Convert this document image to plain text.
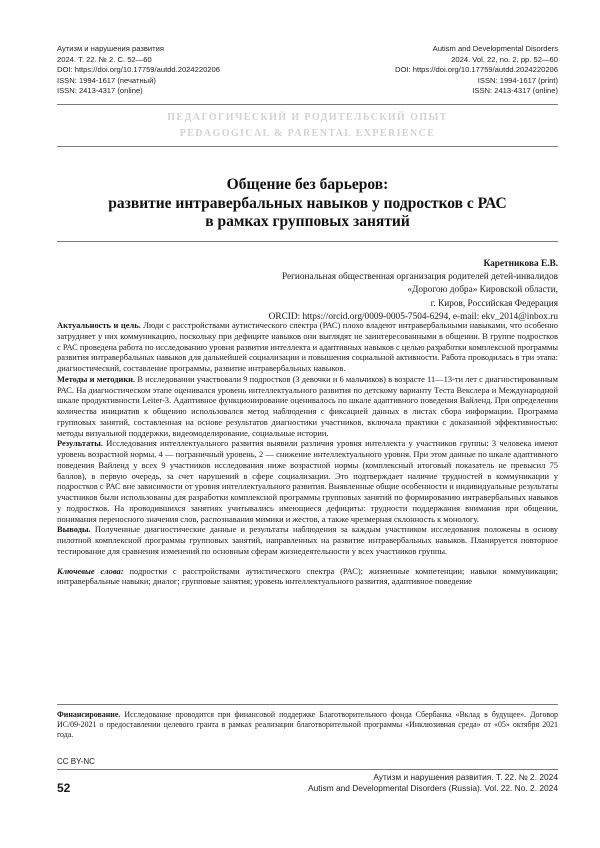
Аутизм и нарушения развития
2024. Т. 22. № 2. С. 52—60
DOI: https://doi.org/10.17759/autdd.2024220206
ISSN: 1994-1617 (печатный)
ISSN: 2413-4317 (online)
Autism and Developmental Disorders
2024. Vol. 22, no. 2, pp. 52—60
DOI: https://doi.org/10.17759/autdd.2024220206
ISSN: 1994-1617 (print)
ISSN: 2413-4317 (online)
ПЕДАГОГИЧЕСКИЙ И РОДИТЕЛЬСКИЙ ОПЫТ
PEDAGOGICAL & PARENTAL EXPERIENCE
Общение без барьеров:
развитие интравербальных навыков у подростков с РАС
в рамках групповых занятий
Каретникова Е.В.
Региональная общественная организация родителей детей-инвалидов
«Дорогою добра» Кировской области,
г. Киров, Российская Федерация
ORCID: https://orcid.org/0009-0005-7504-6294, e-mail: ekv_2014@inbox.ru

Актуальность и цель. Люди с расстройствами аутистического спектра (РАС) плохо владеют интравербальными навыками, что особенно затрудняет у них коммуникацию, поскольку при дефиците навыков они выглядят не заинтересованными в общении. В группе подростков с РАС проведена работа по исследованию уровня развития интеллекта и адаптивных навыков с целью разработки комплексной программы развития интравербальных навыков для дальнейшей социализации и повышения социальной активности. Работа проводилась в три этапа: диагностический, составление программы, развитие интравербальных навыков.

Методы и методики. В исследовании участвовали 9 подростков (3 девочки и 6 мальчиков) в возрасте 11—13-ти лет с диагностированным РАС. На диагностическом этапе оценивался уровень интеллектуального развития по детскому варианту Теста Векслера и Международной шкале продуктивности Leiter-3. Адаптивное функционирование оценивалось по шкале адаптивного поведения Вайленд. При определении количества инициатив к общению использовался метод наблюдения с фиксацией данных в листах сбора информации. Программа групповых занятий, составленная на основе результатов диагностики участников, включала практики с доказанной эффективностью: методы визуальной поддержки, видеомоделирование, социальные истории.

Результаты. Исследования интеллектуального развития выявили различия уровня интеллекта у участников группы: 3 человека имеют уровень возрастной нормы, 4 — пограничный уровень, 2 — снижение интеллектуального уровня. При этом данные по шкале адаптивного поведения Вайленд у всех 9 участников исследования ниже возрастной нормы (комплексный итоговый показатель не превысил 75 баллов), в первую очередь, за счет нарушений в сфере социализации. Это подтверждает наличие трудностей в коммуникации у подростков с РАС вне зависимости от уровня интеллектуального развития. Выявленные общие особенности и индивидуальные результаты участников были использованы для разработки комплексной программы групповых занятий по формированию интравербальных навыков у подростков. На проводившихся занятиях учитывались имеющиеся дефициты: трудности поддержания внимания при общении, понимания переносного значения слов, распознавания мимики и жестов, а также чрезмерная склонность к монологу.

Выводы. Полученные диагностические данные и результаты наблюдения за каждым участником исследования положены в основу пилотной комплексной программы групповых занятий, направленных на развитие интравербальных навыков. Планируется повторное тестирование для сравнения изменений по основным сферам жизнедеятельности у всех участников группы.

Ключевые слова: подростки с расстройствами аутистического спектра (РАС); жизненные компетенции; навыки коммуникации; интравербальные навыки; диалог; групповые занятия; уровень интеллектуального развития, адаптивное поведение

Финансирование. Исследование проводится при финансовой поддержке Благотворительного фонда Сбербанка «Вклад в будущее». Договор ИС/09-2021 о предоставлении целевого гранта в рамках реализации благотворительной программы «Инклюзивная среда» от «05» октября 2021 года.
CC BY-NC
52
Аутизм и нарушения развития. Т. 22. № 2. 2024
Autism and Developmental Disorders (Russia). Vol. 22. No. 2. 2024
